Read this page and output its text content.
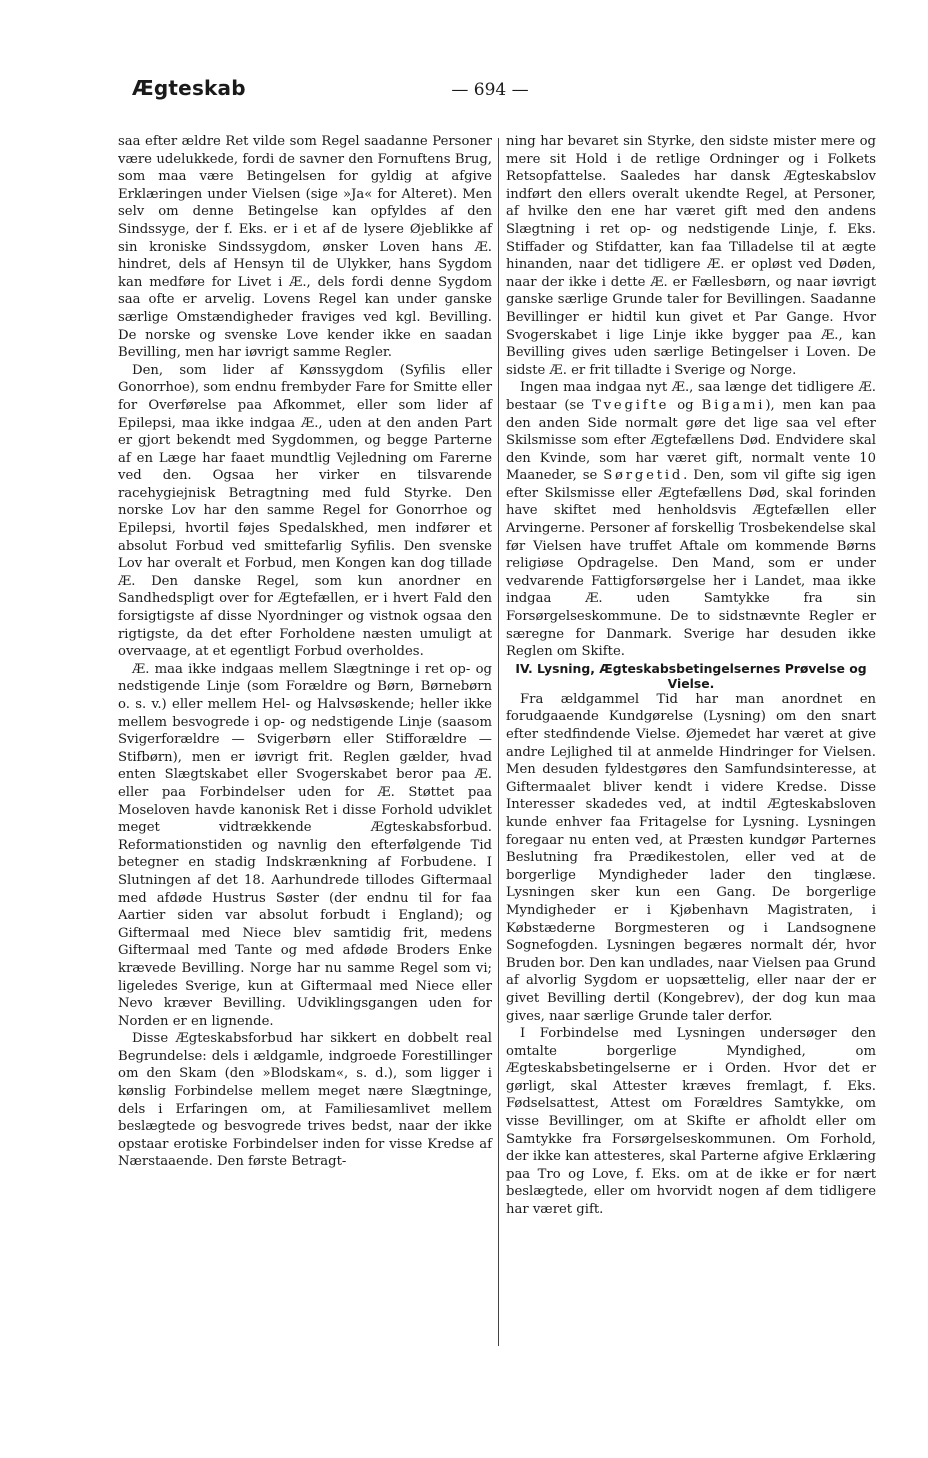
Ægteskab	— 694 —

saa efter ældre Ret vilde som Regel saadanne Personer være udelukkede, fordi de savner den Fornuftens Brug, som maa være Betingelsen for gyldig at afgive Erklæringen under Vielsen (sige »Ja« for Alteret). Men selv om denne Betingelse kan opfyldes af den Sindssyge, der f. Eks. er i et af de lysere Øjeblikke af sin kroniske Sindssygdom, ønsker Loven hans Æ. hindret, dels af Hensyn til de Ulykker, hans Sygdom kan medføre for Livet i Æ., dels fordi denne Sygdom saa ofte er arvelig. Lovens Regel kan under ganske særlige Omstændigheder fraviges ved kgl. Bevilling. De norske og svenske Love kender ikke en saadan Bevilling, men har iøvrigt samme Regler.

Den, som lider af Kønssygdom (Syfilis eller Gonorrhoe), som endnu frembyder Fare for Smitte eller for Overførelse paa Afkommet, eller som lider af Epilepsi, maa ikke indgaa Æ., uden at den anden Part er gjort bekendt med Sygdommen, og begge Parterne af en Læge har faaet mundtlig Vejledning om Farerne ved den. Ogsaa her virker en tilsvarende racehygiejnisk Betragtning med fuld Styrke. Den norske Lov har den samme Regel for Gonorrhoe og Epilepsi, hvortil føjes Spedalskhed, men indfører et absolut Forbud ved smittefarlig Syfilis. Den svenske Lov har overalt et Forbud, men Kongen kan dog tillade Æ. Den danske Regel, som kun anordner en Sandhedspligt over for Ægtefællen, er i hvert Fald den forsigtigste af disse Nyordninger og vistnok ogsaa den rigtigste, da det efter Forholdene næsten umuligt at overvaage, at et egentligt Forbud overholdes.

Æ. maa ikke indgaas mellem Slægtninge i ret op- og nedstigende Linje (som Forældre og Børn, Børnebørn o. s. v.) eller mellem Hel- og Halvsøskende; heller ikke mellem besvogrede i op- og nedstigende Linje (saasom Svigerforældre — Svigerbørn eller Stifforældre — Stifbørn), men er iøvrigt frit. Reglen gælder, hvad enten Slægtskabet eller Svogerskabet beror paa Æ. eller paa Forbindelser uden for Æ. Støttet paa Moseloven havde kanonisk Ret i disse Forhold udviklet meget vidtrækkende Ægteskabsforbud. Reformationstiden og navnlig den efterfølgende Tid betegner en stadig Indskrænkning af Forbudene. I Slutningen af det 18. Aarhundrede tillodes Giftermaal med afdøde Hustrus Søster (der endnu til for faa Aartier siden var absolut forbudt i England); og Giftermaal med Niece blev samtidig frit, medens Giftermaal med Tante og med afdøde Broders Enke krævede Bevilling. Norge har nu samme Regel som vi; ligeledes Sverige, kun at Giftermaal med Niece eller Nevo kræver Bevilling. Udviklingsgangen uden for Norden er en lignende.

Disse Ægteskabsforbud har sikkert en dobbelt real Begrundelse: dels i ældgamle, indgroede Forestillinger om den Skam (den »Blodskam«, s. d.), som ligger i kønslig Forbindelse mellem meget nære Slægtninge, dels i Erfaringen om, at Familiesamlivet mellem beslægtede og besvogrede trives bedst, naar der ikke opstaar erotiske Forbindelser inden for visse Kredse af Nærstaaende. Den første Betragt-

ning har bevaret sin Styrke, den sidste mister mere og mere sit Hold i de retlige Ordninger og i Folkets Retsopfattelse. Saaledes har dansk Ægteskabslov indført den ellers overalt ukendte Regel, at Personer, af hvilke den ene har været gift med den andens Slægtning i ret op- og nedstigende Linje, f. Eks. Stiffader og Stifdatter, kan faa Tilladelse til at ægte hinanden, naar det tidligere Æ. er opløst ved Døden, naar der ikke i dette Æ. er Fællesbørn, og naar iøvrigt ganske særlige Grunde taler for Bevillingen. Saadanne Bevillinger er hidtil kun givet et Par Gange. Hvor Svogerskabet i lige Linje ikke bygger paa Æ., kan Bevilling gives uden særlige Betingelser i Loven. De sidste Æ. er frit tilladte i Sverige og Norge.

Ingen maa indgaa nyt Æ., saa længe det tidligere Æ. bestaar (se Tvegifte og Bigami), men kan paa den anden Side normalt gøre det lige saa vel efter Skilsmisse som efter Ægtefællens Død. Endvidere skal den Kvinde, som har været gift, normalt vente 10 Maaneder, se Sørgetid. Den, som vil gifte sig igen efter Skilsmisse eller Ægtefællens Død, skal forinden have skiftet med henholdsvis Ægtefællen eller Arvingerne. Personer af forskellig Trosbekendelse skal før Vielsen have truffet Aftale om kommende Børns religiøse Opdragelse. Den Mand, som er under vedvarende Fattigforsørgelse her i Landet, maa ikke indgaa Æ. uden Samtykke fra sin Forsørgelseskommune. De to sidstnævnte Regler er særegne for Danmark. Sverige har desuden ikke Reglen om Skifte.

IV. Lysning, Ægteskabsbetingelsernes Prøvelse og Vielse.

Fra ældgammel Tid har man anordnet en forudgaaende Kundgørelse (Lysning) om den snart efter stedfindende Vielse. Øjemedet har været at give andre Lejlighed til at anmelde Hindringer for Vielsen. Men desuden fyldestgøres den Samfundsinteresse, at Giftermaalet bliver kendt i videre Kredse. Disse Interesser skadedes ved, at indtil Ægteskabsloven kunde enhver faa Fritagelse for Lysning. Lysningen foregaar nu enten ved, at Præsten kundgør Parternes Beslutning fra Prædikestolen, eller ved at de borgerlige Myndigheder lader den tinglæse. Lysningen sker kun een Gang. De borgerlige Myndigheder er i Kjøbenhavn Magistraten, i Købstæderne Borgmesteren og i Landsognene Sognefogden. Lysningen begæres normalt dér, hvor Bruden bor. Den kan undlades, naar Vielsen paa Grund af alvorlig Sygdom er uopsættelig, eller naar der er givet Bevilling dertil (Kongebrev), der dog kun maa gives, naar særlige Grunde taler derfor.

I Forbindelse med Lysningen undersøger den omtalte borgerlige Myndighed, om Ægteskabsbetingelserne er i Orden. Hvor det er gørligt, skal Attester kræves fremlagt, f. Eks. Fødselsattest, Attest om Forældres Samtykke, om visse Bevillinger, om at Skifte er afholdt eller om Samtykke fra Forsørgelseskommunen. Om Forhold, der ikke kan attesteres, skal Parterne afgive Erklæring paa Tro og Love, f. Eks. om at de ikke er for nært beslægtede, eller om hvorvidt nogen af dem tidligere har været gift.
